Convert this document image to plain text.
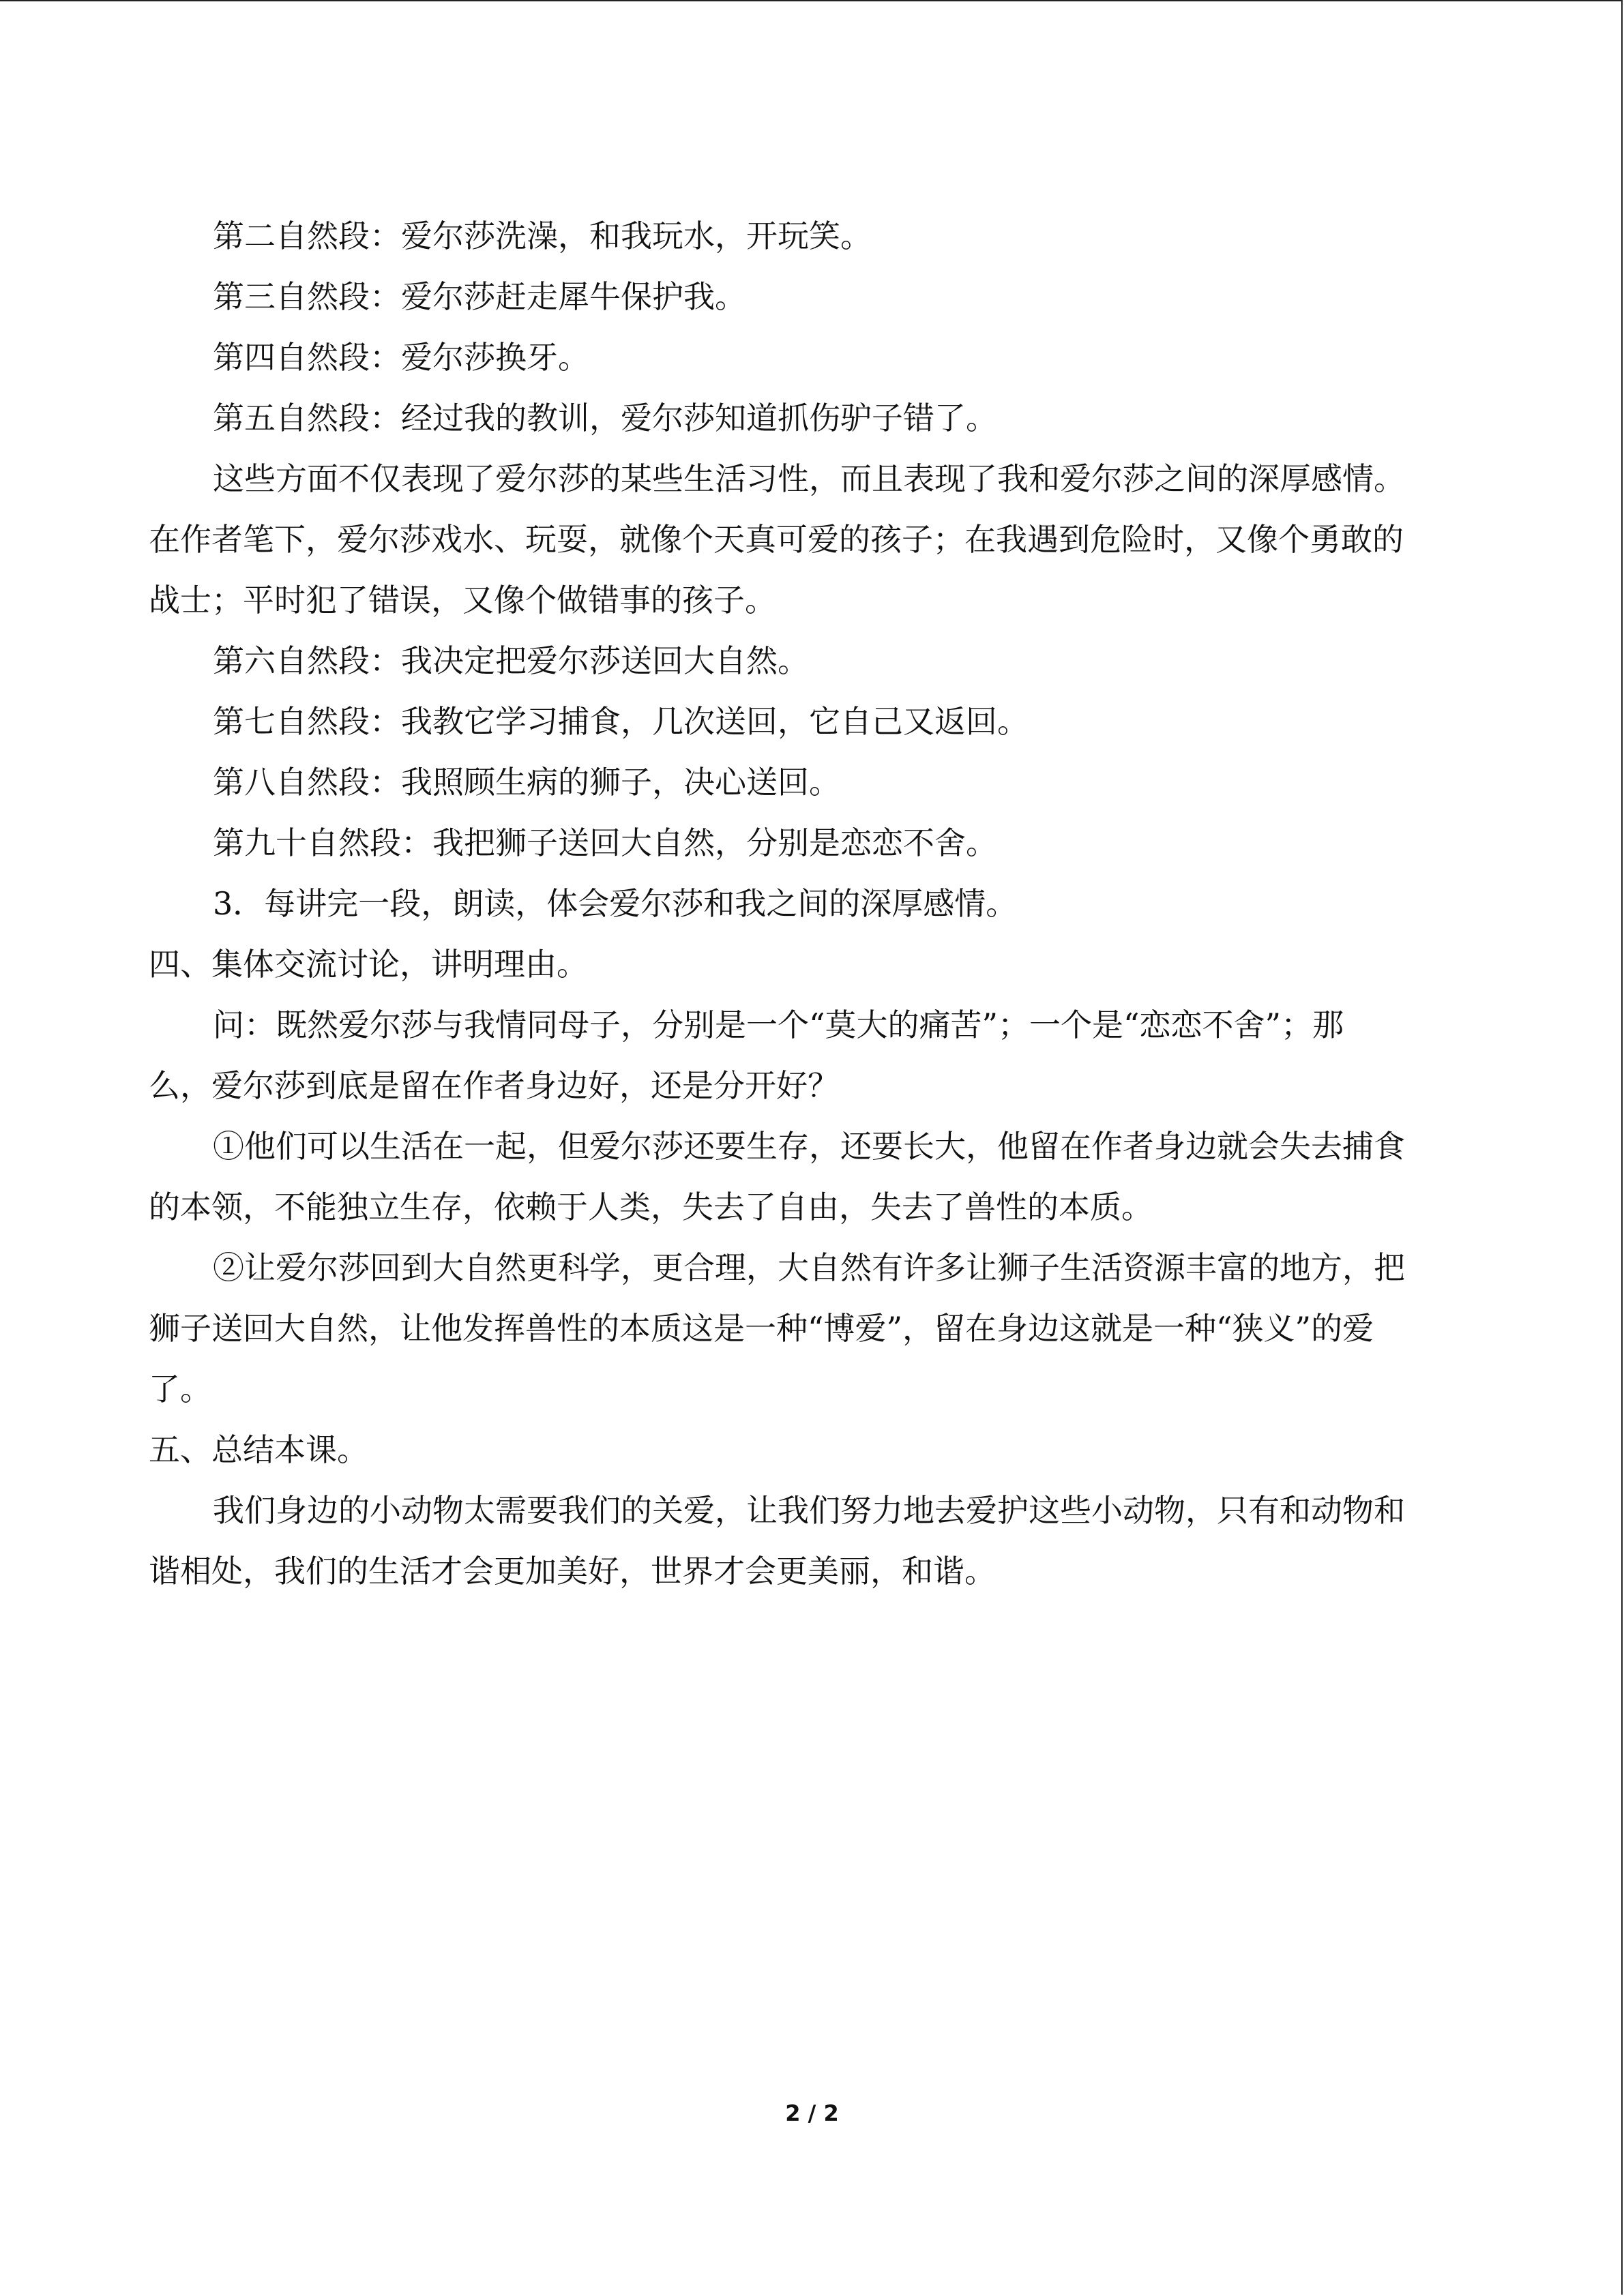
第二自然段：爱尔莎洗澡，和我玩水，开玩笑。
第三自然段：爱尔莎赶走犀牛保护我。
第四自然段：爱尔莎换牙。
第五自然段：经过我的教训，爱尔莎知道抓伤驴子错了。
这些方面不仅表现了爱尔莎的某些生活习性，而且表现了我和爱尔莎之间的深厚感情。
在作者笔下，爱尔莎戏水、玩耍，就像个天真可爱的孩子；在我遇到危险时，又像个勇敢的
战士；平时犯了错误，又像个做错事的孩子。
第六自然段：我决定把爱尔莎送回大自然。
第七自然段：我教它学习捕食，几次送回，它自己又返回。
第八自然段：我照顾生病的狮子，决心送回。
第九十自然段：我把狮子送回大自然，分别是恋恋不舍。
3．每讲完一段，朗读，体会爱尔莎和我之间的深厚感情。
四、集体交流讨论，讲明理由。
问：既然爱尔莎与我情同母子，分别是一个“莫大的痛苦”；一个是“恋恋不舍”；那
么，爱尔莎到底是留在作者身边好，还是分开好？
①他们可以生活在一起，但爱尔莎还要生存，还要长大，他留在作者身边就会失去捕食
的本领，不能独立生存，依赖于人类，失去了自由，失去了兽性的本质。
②让爱尔莎回到大自然更科学，更合理，大自然有许多让狮子生活资源丰富的地方，把
狮子送回大自然，让他发挥兽性的本质这是一种“博爱”，留在身边这就是一种“狭义”的爱
了。
五、总结本课。
我们身边的小动物太需要我们的关爱，让我们努力地去爱护这些小动物，只有和动物和
谐相处，我们的生活才会更加美好，世界才会更美丽，和谐。
2 / 2
